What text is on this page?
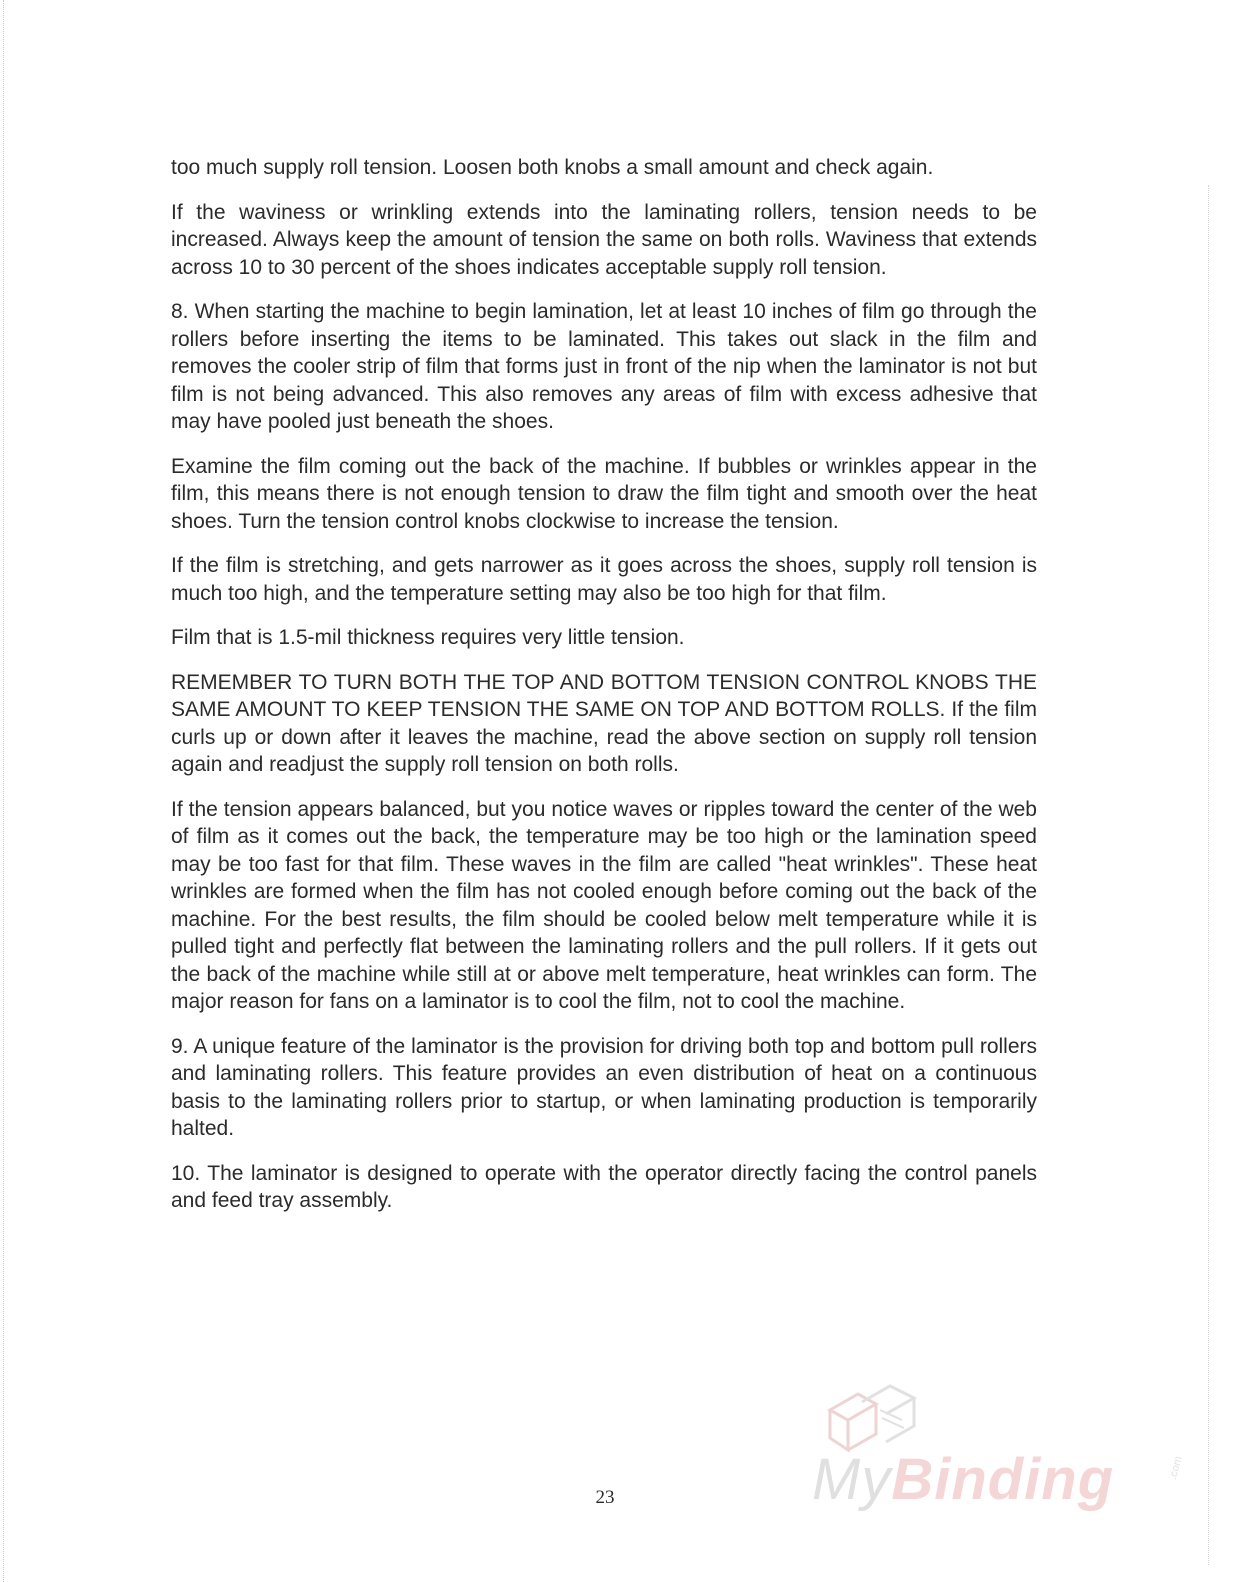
too much supply roll tension. Loosen both knobs a small amount and check again.

If the waviness or wrinkling extends into the laminating rollers, tension needs to be increased. Always keep the amount of tension the same on both rolls. Waviness that extends across 10 to 30 percent of the shoes indicates acceptable supply roll tension.

8. When starting the machine to begin lamination, let at least 10 inches of film go through the rollers before inserting the items to be laminated. This takes out slack in the film and removes the cooler strip of film that forms just in front of the nip when the laminator is not but film is not being advanced. This also removes any areas of film with excess adhesive that may have pooled just beneath the shoes.

Examine the film coming out the back of the machine. If bubbles or wrinkles appear in the film, this means there is not enough tension to draw the film tight and smooth over the heat shoes. Turn the tension control knobs clockwise to increase the tension.

If the film is stretching, and gets narrower as it goes across the shoes, supply roll tension is much too high, and the temperature setting may also be too high for that film.

Film that is 1.5-mil thickness requires very little tension.

REMEMBER TO TURN BOTH THE TOP AND BOTTOM TENSION CONTROL KNOBS THE SAME AMOUNT TO KEEP TENSION THE SAME ON TOP AND BOTTOM ROLLS. If the film curls up or down after it leaves the machine, read the above section on supply roll tension again and readjust the supply roll tension on both rolls.

If the tension appears balanced, but you notice waves or ripples toward the center of the web of film as it comes out the back, the temperature may be too high or the lamination speed may be too fast for that film. These waves in the film are called "heat wrinkles". These heat wrinkles are formed when the film has not cooled enough before coming out the back of the machine. For the best results, the film should be cooled below melt temperature while it is pulled tight and perfectly flat between the laminating rollers and the pull rollers. If it gets out the back of the machine while still at or above melt temperature, heat wrinkles can form. The major reason for fans on a laminator is to cool the film, not to cool the machine.

9. A unique feature of the laminator is the provision for driving both top and bottom pull rollers and laminating rollers. This feature provides an even distribution of heat on a continuous basis to the laminating rollers prior to startup, or when laminating production is temporarily halted.

10. The laminator is designed to operate with the operator directly facing the control panels and feed tray assembly.

23	MyBinding	.com
